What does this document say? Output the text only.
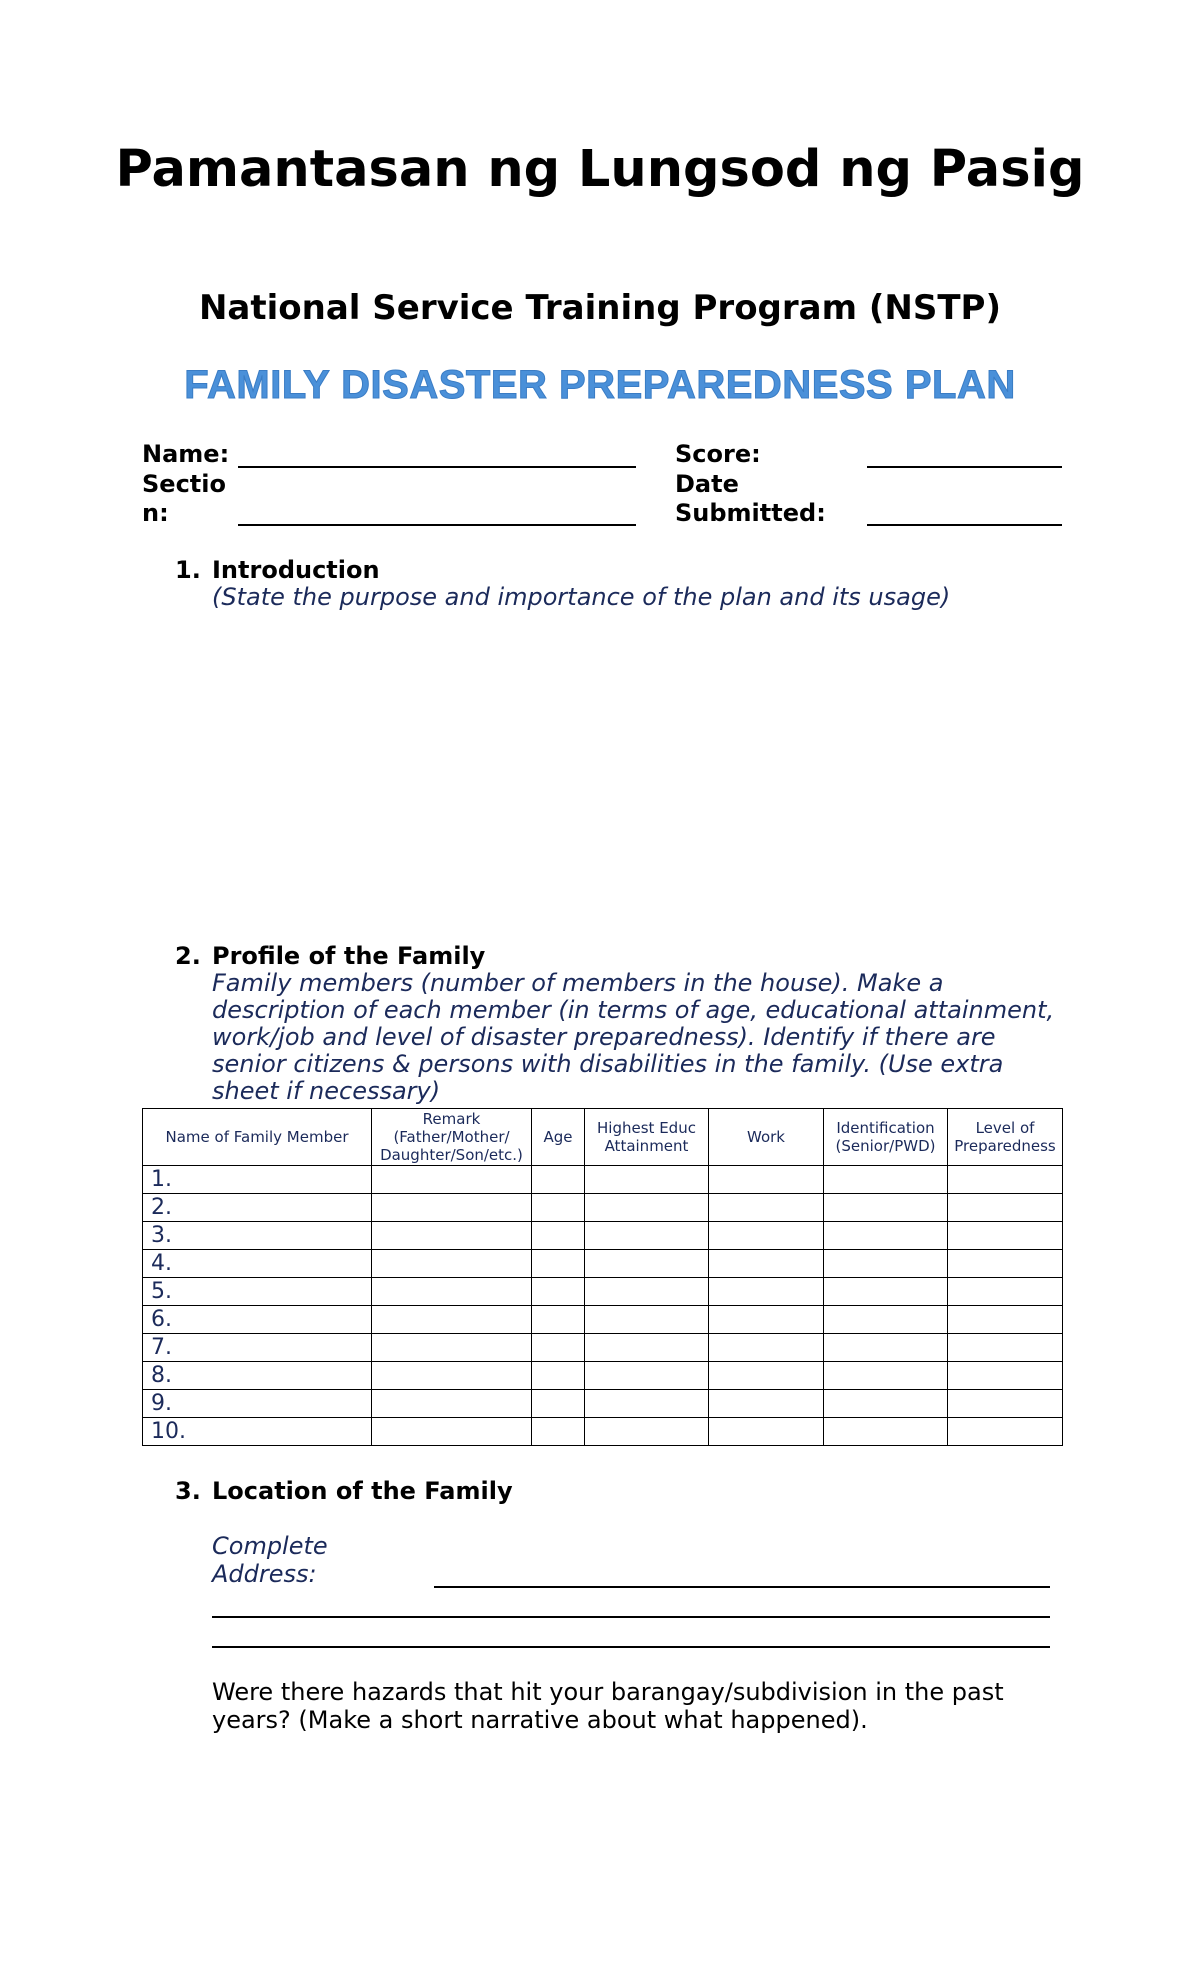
Pamantasan ng Lungsod ng Pasig
National Service Training Program (NSTP)
FAMILY DISASTER PREPAREDNESS PLAN
Name:
Section:
Score:
Date Submitted:
1. Introduction
(State the purpose and importance of the plan and its usage)
2. Profile of the Family
Family members (number of members in the house). Make a description of each member (in terms of age, educational attainment, work/job and level of disaster preparedness). Identify if there are senior citizens & persons with disabilities in the family. (Use extra sheet if necessary)
Name of Family Member	Remark (Father/Mother/ Daughter/Son/etc.)	Age	Highest Educ Attainment	Work	Identification (Senior/PWD)	Level of Preparedness
1.						
2.						
3.						
4.						
5.						
6.						
7.						
8.						
9.						
10.						
3. Location of the Family
Complete Address:
Were there hazards that hit your barangay/subdivision in the past years? (Make a short narrative about what happened).
